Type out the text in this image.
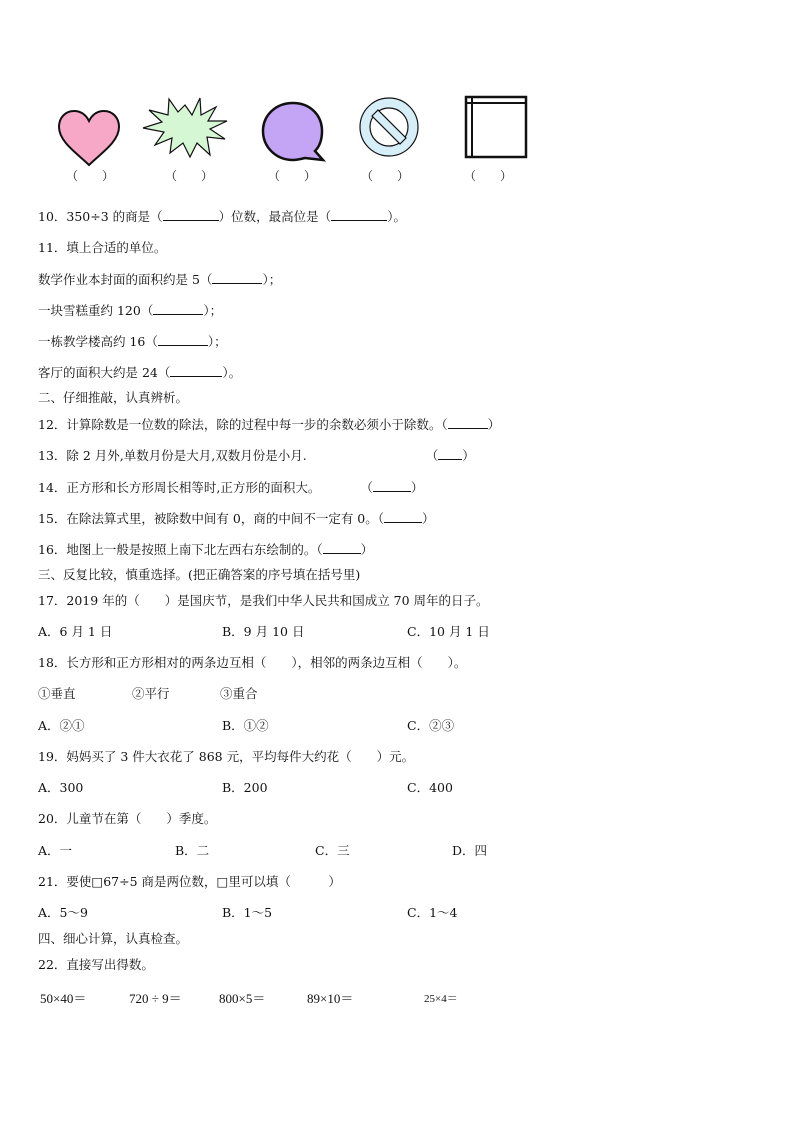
（　　）	（　　）	（　　）	（　　）	（　　）
10．350÷3 的商是（	）位数，最高位是（	）。
11．填上合适的单位。
数学作业本封面的面积约是 5（	）；
一块雪糕重约 120（	）；
一栋教学楼高约 16（	）；
客厅的面积大约是 24（	）。
二、仔细推敲，认真辨析。
12．计算除数是一位数的除法，除的过程中每一步的余数必须小于除数。（	）
13．除 2 月外,单数月份是大月,双数月份是小月.	（ ）
14．正方形和长方形周长相等时,正方形的面积大。	（	）
15．在除法算式里，被除数中间有 0，商的中间不一定有 0。（	）
16．地图上一般是按照上南下北左西右东绘制的。（	）
三、反复比较，慎重选择。(把正确答案的序号填在括号里)
17．2019 年的（　　）是国庆节，是我们中华人民共和国成立 70 周年的日子。
A．6 月 1 日	B．9 月 10 日	C．10 月 1 日
18．长方形和正方形相对的两条边互相（　　），相邻的两条边互相（　　）。
①垂直	②平行	③重合
A．②①	B．①②	C．②③
19．妈妈买了 3 件大衣花了 868 元，平均每件大约花（　　）元。
A．300	B．200	C．400
20．儿童节在第（　　）季度。
A．一	B．二	C．三	D．四
21．要使□67÷5 商是两位数，□里可以填（　　　）
A．5～9	B．1～5	C．1～4
四、细心计算，认真检查。
22．直接写出得数。
50×40＝	720 ÷ 9＝	800×5＝	89×10＝	25×4＝
